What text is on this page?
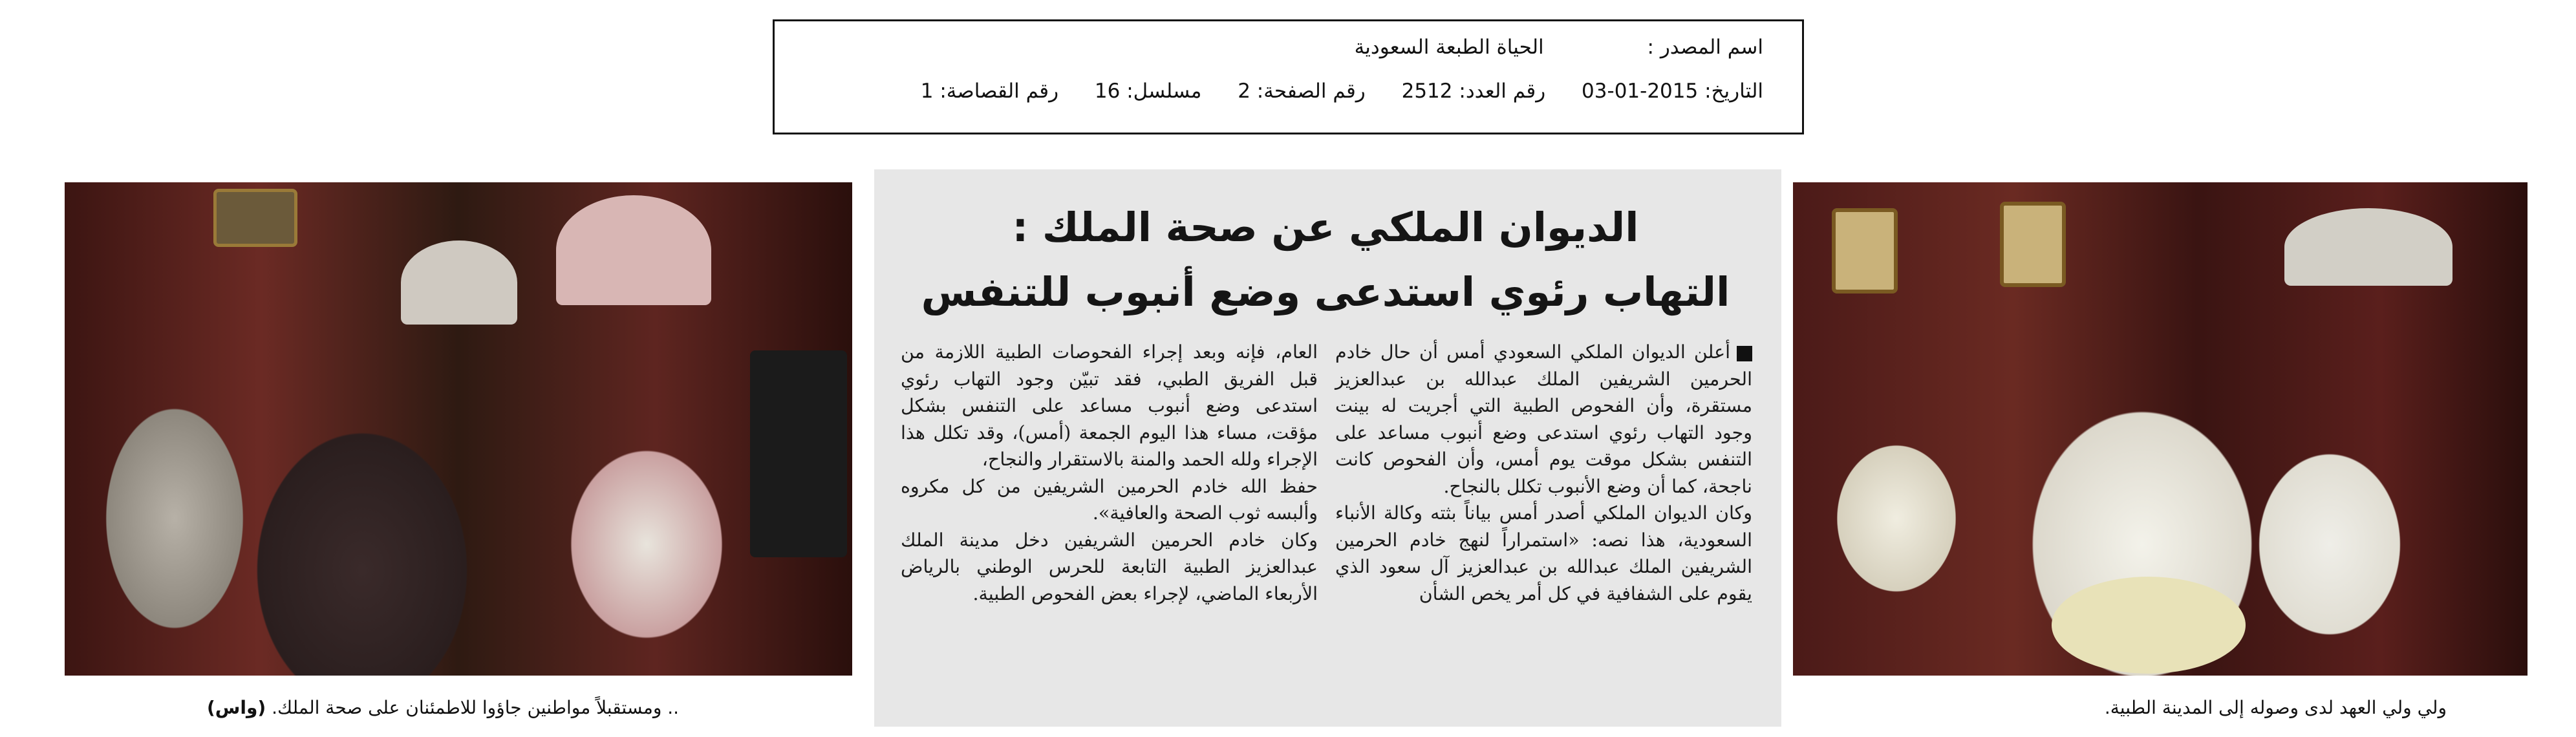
اسم المصدر : الحياة الطبعة السعودية
التاريخ: 2015-01-03 رقم العدد: 2512 رقم الصفحة: 2 مسلسل: 16 رقم القصاصة: 1
ولي ولي العهد لدى وصوله إلى المدينة الطبية.
.. ومستقبلاً مواطنين جاؤوا للاطمئنان على صحة الملك. (واس)
الديوان الملكي عن صحة الملك :
التهاب رئوي استدعى وضع أنبوب للتنفس

أعلن الديوان الملكي السعودي أمس أن حال خادم الحرمين الشريفين الملك عبدالله بن عبدالعزيز مستقرة، وأن الفحوص الطبية التي أجريت له بينت وجود التهاب رئوي استدعى وضع أنبوب مساعد على التنفس بشكل موقت يوم أمس، وأن الفحوص كانت ناجحة، كما أن وضع الأنبوب تكلل بالنجاح.

وكان الديوان الملكي أصدر أمس بياناً بثته وكالة الأنباء السعودية، هذا نصه: «استمراراً لنهج خادم الحرمين الشريفين الملك عبدالله بن عبدالعزيز آل سعود الذي يقوم على الشفافية في كل أمر يخص الشأن

العام، فإنه وبعد إجراء الفحوصات الطبية اللازمة من قبل الفريق الطبي، فقد تبيّن وجود التهاب رئوي استدعى وضع أنبوب مساعد على التنفس بشكل مؤقت، مساء هذا اليوم الجمعة (أمس)، وقد تكلل هذا الإجراء ولله الحمد والمنة بالاستقرار والنجاح،

حفظ الله خادم الحرمين الشريفين من كل مكروه وألبسه ثوب الصحة والعافية».

وكان خادم الحرمين الشريفين دخل مدينة الملك عبدالعزيز الطبية التابعة للحرس الوطني بالرياض الأربعاء الماضي، لإجراء بعض الفحوص الطبية.
